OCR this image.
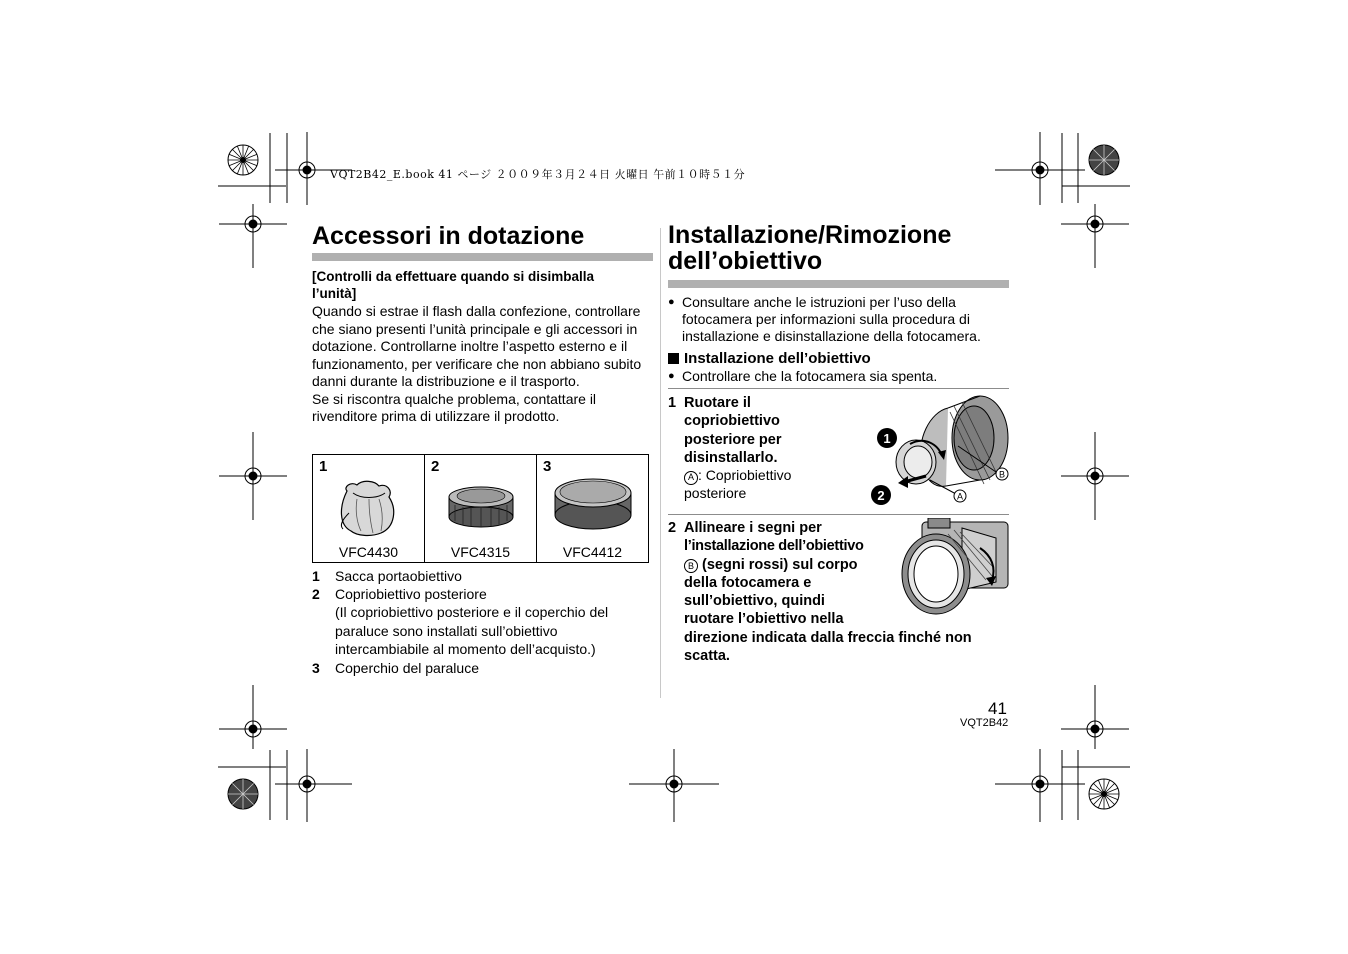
VQT2B42_E.book 41 ページ ２００９年３月２４日 火曜日 午前１０時５１分
Accessori in dotazione
[Controlli da effettuare quando si disimballa l’unità]
Quando si estrae il flash dalla confezione, controllare che siano presenti l’unità principale e gli accessori in dotazione. Controllarne inoltre l’aspetto esterno e il funzionamento, per verificare che non abbiano subito danni durante la distribuzione e il trasporto.
Se si riscontra qualche problema, contattare il rivenditore prima di utilizzare il prodotto.
1
VFC4430

2
VFC4315

3
VFC4412
1	Sacca portaobiettivo
2	Copriobiettivo posteriore

(Il copriobiettivo posteriore e il coperchio del paraluce sono installati sull’obiettivo intercambiabile al momento dell’acquisto.)
3	Coperchio del paraluce
Installazione/Rimozione
dell’obiettivo
● Consultare anche le istruzioni per l’uso della fotocamera per informazioni sulla procedura di installazione e disinstallazione della fotocamera.
Installazione dell’obiettivo
● Controllare che la fotocamera sia spenta.
1 Ruotare il
copriobiettivo
posteriore per
disinstallarlo.
A : Copriobiettivo
posteriore
1
2
B
A
2 Allineare i segni per
l’installazione dell’obiettivo
B (segni rossi) sul corpo
della fotocamera e
sull’obiettivo, quindi
ruotare l’obiettivo nella
direzione indicata dalla freccia finché non
scatta.
41
VQT2B42
